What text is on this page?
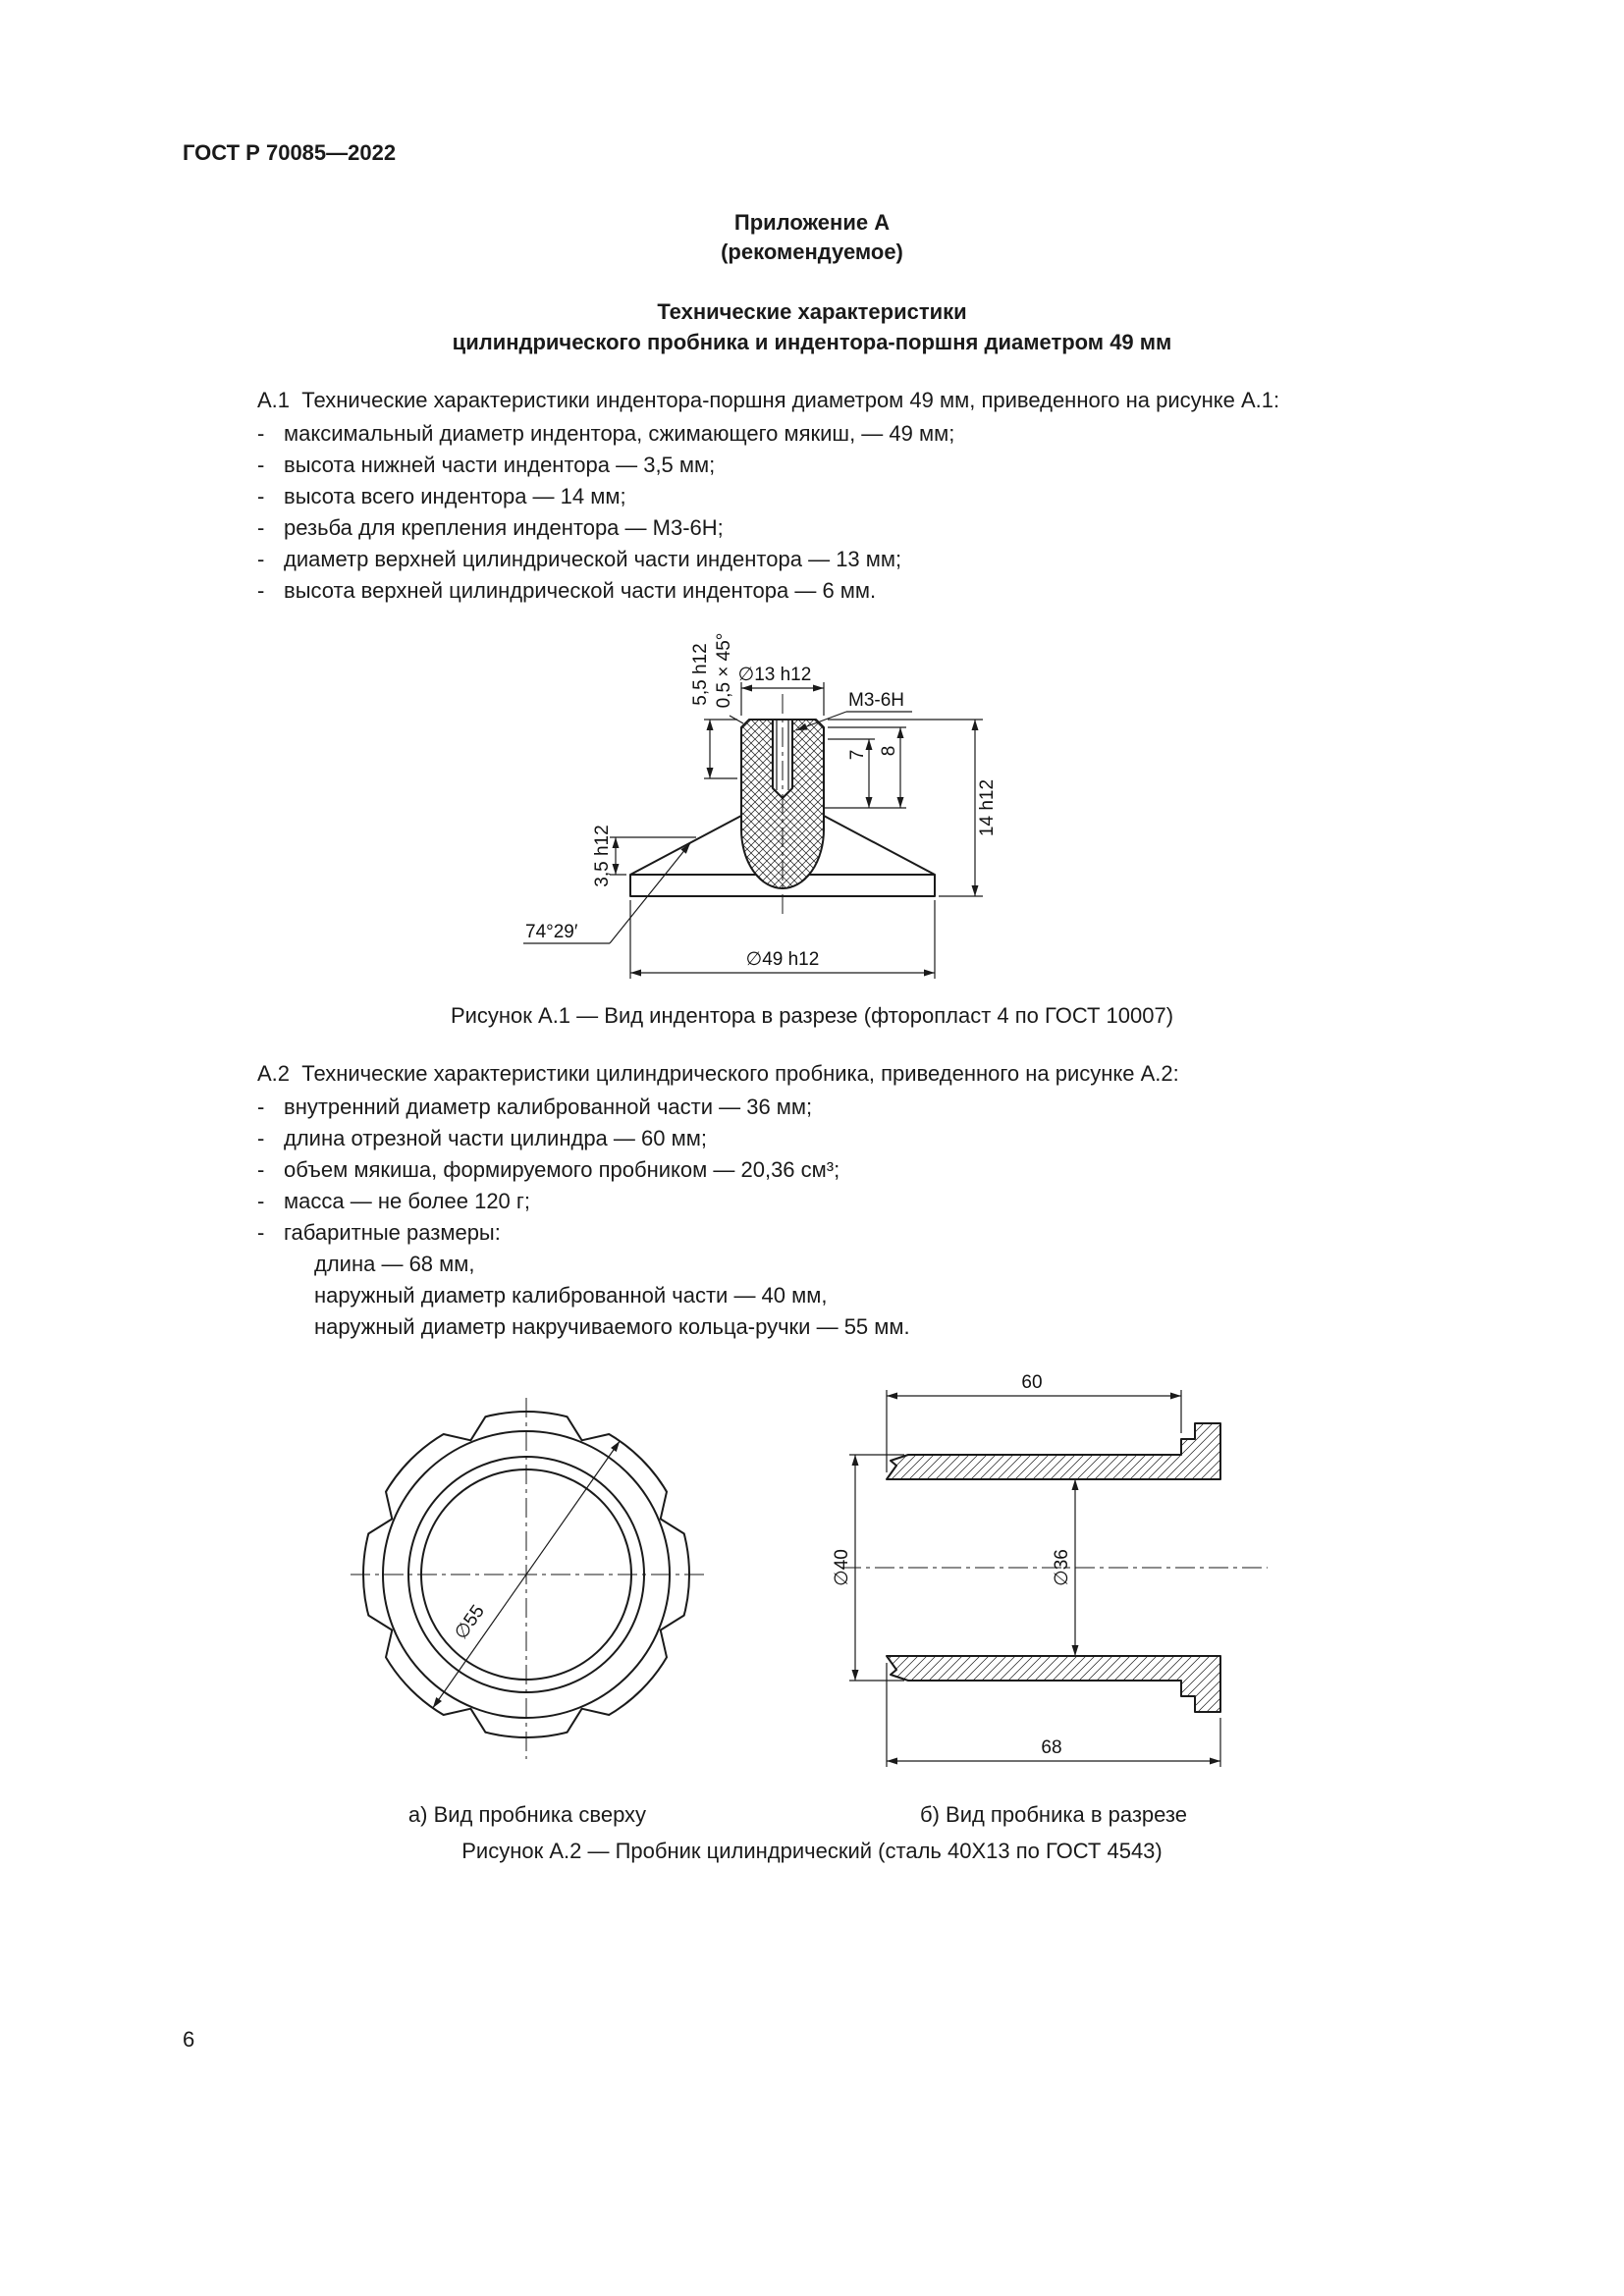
ГОСТ Р 70085—2022
Приложение А
(рекомендуемое)
Технические характеристики
цилиндрического пробника и индентора-поршня диаметром 49 мм

А.1  Технические характеристики индентора-поршня диаметром 49 мм, приведенного на рисунке А.1:

- максимальный диаметр индентора, сжимающего мякиш, — 49 мм;
- высота нижней части индентора — 3,5 мм;
- высота всего индентора — 14 мм;
- резьба для крепления индентора — М3-6Н;
- диаметр верхней цилиндрической части индентора — 13 мм;
- высота верхней цилиндрической части индентора — 6 мм.
∅13 h12
М3-6Н
5,5 h12 0,5 × 45°
3,5 h12
7 8
14 h12
74°29′
∅49 h12
Рисунок А.1 — Вид индентора в разрезе (фторопласт 4 по ГОСТ 10007)

А.2  Технические характеристики цилиндрического пробника, приведенного на рисунке А.2:

- внутренний диаметр калиброванной части — 36 мм;
- длина отрезной части цилиндра — 60 мм;
- объем мякиша, формируемого пробником — 20,36 см³;
- масса — не более 120 г;
- габаритные размеры:
длина — 68 мм,
наружный диаметр калиброванной части — 40 мм,
наружный диаметр накручиваемого кольца-ручки — 55 мм.
∅55
60
68
∅40	∅36
а) Вид пробника сверху	б) Вид пробника в разрезе
Рисунок А.2 — Пробник цилиндрический (сталь 40Х13 по ГОСТ 4543)
6
